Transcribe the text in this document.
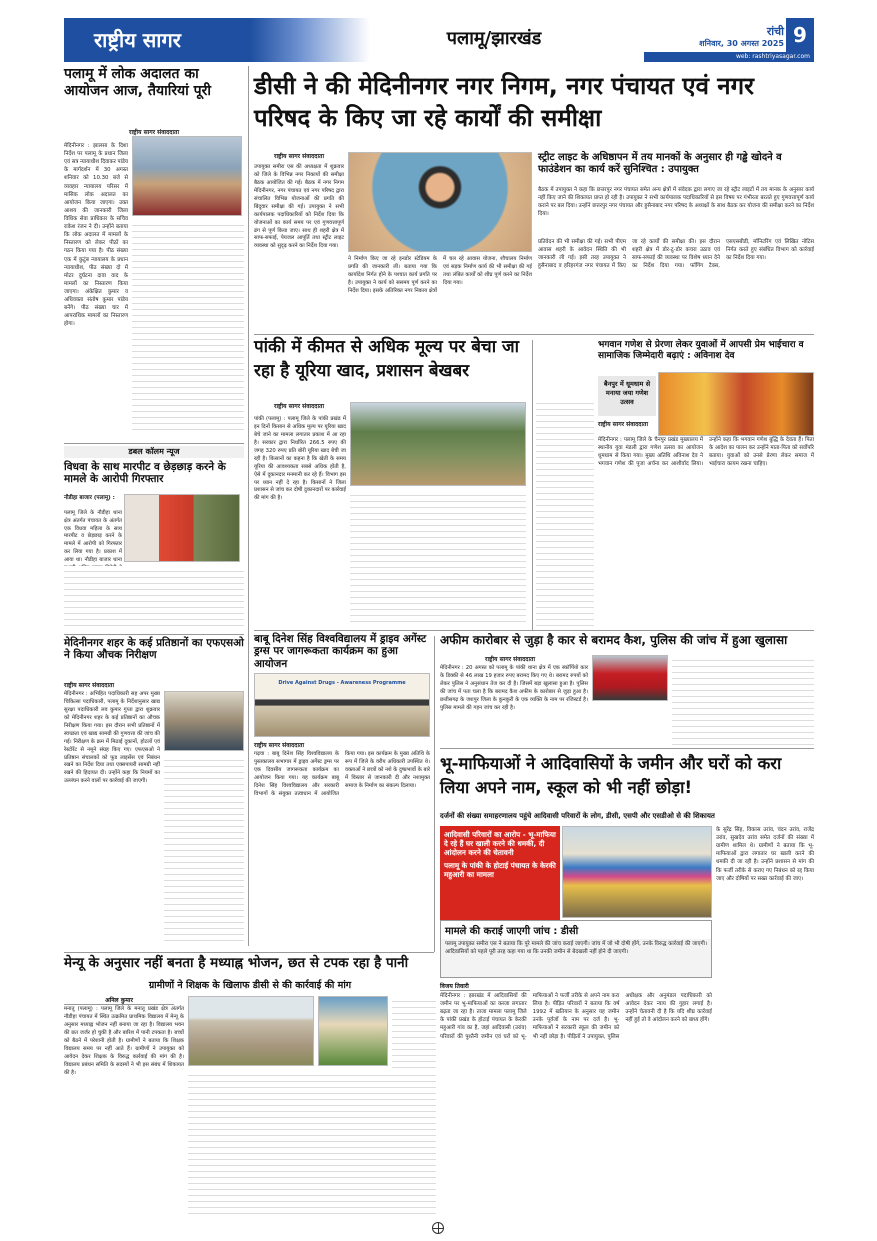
राष्ट्रीय सागर	पलामू/झारखंड	रांची
शनिवार, 30 अगस्त 2025
web: rashtriyasagar.com
9
पलामू में लोक अदालत का आयोजन आज, तैयारियां पूरी
राष्ट्रीय सागर संवाददाता
मेदिनीनगर : झालसा के दिशा निर्देश पर पलामू के प्रधान जिला एवं सत्र न्यायाधीश दिवाकर पांडेय के मार्गदर्शन में 30 अगस्त शनिवार को 10.30 बजे से व्यवहार न्यायालय परिसर में मासिक लोक अदालत का आयोजन किया जाएगा। उक्त आशय की जानकारी जिला विधिक सेवा प्राधिकार के सचिव राकेश रंजन ने दी। उन्होंने बताया कि लोक अदालत में मामलों के निस्तारण को लेकर पीठों का गठन किया गया है। पीठ संख्या एक में कुटुंब न्यायालय के प्रधान न्यायाधीश, पीठ संख्या दो में मोटर दुर्घटना दावा वाद के मामलों का निस्तारण किया जाएगा। अंकेक्षित कुमार व अधिवक्ता संतोष कुमार पांडेय बनेंगे। पीठ संख्या चार में आपराधिक मामलों का निस्तारण होगा।
डबल कॉलम न्यूज
विधवा के साथ मारपीट व छेड़छाड़ करने के मामले के आरोपी गिरफ्तार
नौडीहा बाजार (पलामू) :
पलामू जिले के नौडीहा थाना क्षेत्र अंतर्गत पंचायत के अंतर्गत एक विधवा महिला के साथ मारपीट व छेड़छाड़ करने के मामले में आरोपी को गिरफ्तार कर लिया गया है। प्रकाश में आया था। नौडीहा बाजार थाना
मेदिनीनगर शहर के कई प्रतिष्ठानों का एफएसओ ने किया औचक निरीक्षण
राष्ट्रीय सागर संवाददाता
मेदिनीनगर : अभिहित पदाधिकारी सह अपर मुख्य चिकित्सा पदाधिकारी, पलामू के निर्देशानुसार खाद्य सुरक्षा पदाधिकारी लव कुमार गुप्ता द्वारा शुक्रवार को मेदिनीनगर शहर के कई प्रतिष्ठानों का औचक निरीक्षण किया गया। इस दौरान सभी प्रतिष्ठानों में स्वच्छता एवं खाद्य सामग्री की गुणवत्ता की जांच की गई। निरीक्षण के क्रम में मिठाई दुकानों, होटलों एवं रेस्टोरेंट से नमूने संग्रह किए गए। एफएसओ ने प्रतिष्ठान संचालकों को फूड लाइसेंस एवं निबंधन रखने का निर्देश दिया तथा एक्सपायरी सामग्री नहीं रखने की हिदायत दी। उन्होंने कहा कि नियमों का उल्लंघन करने वालों पर कार्रवाई की जाएगी।
डीसी ने की मेदिनीनगर नगर निगम, नगर पंचायत एवं नगर परिषद के किए जा रहे कार्यों की समीक्षा
राष्ट्रीय सागर संवाददाता
उपायुक्त समीरा एस की अध्यक्षता में शुक्रवार को जिले के विभिन्न नगर निकायों की समीक्षा बैठक आयोजित की गई। बैठक में नगर निगम मेदिनीनगर, नगर पंचायत एवं नगर परिषद द्वारा संचालित विभिन्न योजनाओं की प्रगति की बिंदुवार समीक्षा की गई। उपायुक्त ने सभी कार्यपालक पदाधिकारियों को निर्देश दिया कि योजनाओं का कार्य समय पर एवं गुणवत्तापूर्ण ढंग से पूर्ण किया जाए। साथ ही शहरी क्षेत्र में साफ-सफाई, पेयजल आपूर्ति तथा स्ट्रीट लाइट व्यवस्था को सुदृढ़ करने का निर्देश दिया गया।
ने निर्माण किए जा रहे इनडोर स्टेडियम के प्रगति की जानकारी ली। बताया गया कि कार्यादेश निर्गत होने के पश्चात कार्य प्रगति पर है। उपायुक्त ने कार्य को ससमय पूर्ण करने का निर्देश दिया। इसके अतिरिक्त नगर निकाय क्षेत्रों में चल रहे आवास योजना, शौचालय निर्माण एवं सड़क निर्माण कार्य की भी समीक्षा की गई तथा लंबित कार्यों को शीघ्र पूर्ण करने का निर्देश दिया गया।
स्ट्रीट लाइट के अधिष्ठापन में तय मानकों के अनुसार ही गड्ढे खोदने व फाउंडेशन का कार्य करें सुनिश्चित : उपायुक्त
बैठक में उपायुक्त ने कहा कि छत्तरपुर नगर पंचायत समेत अन्य क्षेत्रों में संवेदक द्वारा लगाए जा रहे स्ट्रीट लाइटों में तय मानक के अनुसार कार्य नहीं किए जाने की शिकायत प्राप्त हो रही है। उपायुक्त ने सभी कार्यपालक पदाधिकारियों से इस विषय पर गंभीरता बरतते हुए गुणवत्तापूर्ण कार्य कराने पर बल दिया। उन्होंने छत्तरपुर नगर पंचायत और हुसैनाबाद नगर परिषद के अध्यक्षों के साथ बैठक कर योजना की समीक्षा करने का निर्देश दिया।
प्रतिवेदन की भी समीक्षा की गई। सभी पीएम आवास शहरी के आवेदन स्थिति की भी जानकारी ली गई। इसी तरह उपायुक्त ने हुसैनाबाद व हरिहरगंज नगर पंचायत में किए जा रहे कार्यों की समीक्षा की। इस दौरान शहरी क्षेत्र में डोर-टू-डोर कचरा उठाव एवं साफ-सफाई की व्यवस्था पर विशेष ध्यान देने का निर्देश दिया गया। फॉगिंग टैक्स, एसएसबीडी, मॉनिटरिंग एवं लिखित नोटिस निर्गत करते हुए संबंधित विभाग को कार्रवाई का निर्देश दिया गया।
पांकी में कीमत से अधिक मूल्य पर बेचा जा रहा है यूरिया खाद, प्रशासन बेखबर
राष्ट्रीय सागर संवाददाता
पांकी (पलामू) : पलामू जिले के पांकी प्रखंड में इन दिनों किसान से अधिक मूल्य पर यूरिया खाद बेचे जाने का मामला लगातार प्रकाश में आ रहा है। सरकार द्वारा निर्धारित 266.5 रुपए की जगह 320 रुपए प्रति बोरी यूरिया खाद बेची जा रही है। किसानों का कहना है कि खेती के समय यूरिया की आवश्यकता सबसे अधिक होती है, ऐसे में दुकानदार मनमानी कर रहे हैं। विभाग इस पर ध्यान नहीं दे रहा है। किसानों ने जिला प्रशासन से जांच कर दोषी दुकानदारों पर कार्रवाई की मांग की है।
भगवान गणेश से प्रेरणा लेकर युवाओं में आपसी प्रेम भाईचारा व सामाजिक जिम्मेदारी बढ़ाएं : अविनाश देव
बैनपुर में धूमधाम से मनाया जया गणेश उत्सव
राष्ट्रीय सागर संवाददाता
मेदिनीनगर : पलामू जिले के चैनपुर प्रखंड मुख्यालय में स्थानीय युवा मंडली द्वारा गणेश उत्सव का आयोजन धूमधाम से किया गया। मुख्य अतिथि अविनाश देव ने भगवान गणेश की पूजा अर्चना कर आशीर्वाद लिया। उन्होंने कहा कि भगवान गणेश बुद्धि के देवता हैं। पिता के आदेश का पालन कर उन्होंने माता-पिता को सर्वोपरि बताया। युवाओं को उनसे प्रेरणा लेकर समाज में भाईचारा कायम रखना चाहिए।
बाबू दिनेश सिंह विश्वविद्यालय में ड्राइव अगेंस्ट ड्रग्स पर जागरूकता कार्यक्रम का हुआ आयोजन
Drive Against Drugs - Awareness Programme
राष्ट्रीय सागर संवाददाता
गढ़वा : बाबू दिनेश सिंह विश्वविद्यालय के पुस्तकालय सभागार में ड्राइव अगेंस्ट ड्रग्स पर एक दिवसीय जागरूकता कार्यक्रम का आयोजन किया गया। यह कार्यक्रम बाबू दिनेश सिंह विश्वविद्यालय और सरकारी विभागों के संयुक्त तत्वाधान में आयोजित किया गया। इस कार्यक्रम के मुख्य अतिथि के रूप में जिले के वरीय अधिकारी उपस्थित थे। वक्ताओं ने छात्रों को नशे के दुष्प्रभावों के बारे में विस्तार से जानकारी दी और नशामुक्त समाज के निर्माण का संकल्प दिलाया।
अफीम कारोबार से जुड़ा है कार से बरामद कैश, पुलिस की जांच में हुआ खुलासा
राष्ट्रीय सागर संवाददाता
मेदिनीनगर : 20 अगस्त को पलामू के पांकी थाना क्षेत्र में एक स्कॉर्पियो कार के डिक्की से 46 लाख 19 हजार रुपए बरामद किए गए थे। बरामद रुपयों को लेकर पुलिस ने अनुसंधान तेज कर दी है। जिसमें बड़ा खुलासा हुआ है। पुलिस की जांच में पता चला है कि बरामद कैश अफीम के कारोबार से जुड़ा हुआ है। छत्तीसगढ़ के जशपुर जिला के कुनकुरी के एक व्यक्ति के नाम पर रजिस्टर्ड है। पुलिस मामले की गहन जांच कर रही है।
भू-माफियाओं ने आदिवासियों के जमीन और घरों को करा लिया अपने नाम, स्कूल को भी नहीं छोड़ा!
दर्जनों की संख्या समाहरणालय पहुंचे आदिवासी परिवारों के लोग, डीसी, एसपी और एसडीओ से की शिकायत
आदिवासी परिवारों का आरोप - भू-माफिया दे रहे हैं घर खाली करने की धमकी, दी आंदोलन करने की चेतावनी
पलामू के पांकी के होटाई पंचायत के केरकी महुआरी का मामला
मामले की कराई जाएगी जांच : डीसी
पलामू उपायुक्त समीरा एस ने बताया कि पूरे मामले की जांच कराई जाएगी। जांच में जो भी दोषी होंगे, उनके विरुद्ध कार्रवाई की जाएगी। आदिवासियों को पहले पूरी तरह कहा गया था कि उनकी जमीन से बेदखली नहीं होने दी जाएगी।
विजय तिवारी
मेदिनीनगर : झारखंड में आदिवासियों की जमीन पर भू-माफियाओं का कब्जा लगातार बढ़ता जा रहा है। ताजा मामला पलामू जिले के पांकी प्रखंड के होटाई पंचायत के केरकी महुआरी गांव का है, जहां आदिवासी (उरांव) परिवारों की पुश्तैनी जमीन एवं घरों को भू-माफियाओं ने फर्जी तरीके से अपने नाम करा लिया है। पीड़ित परिवारों ने बताया कि वर्ष 1992 में खतियान के अनुसार यह जमीन उनके पूर्वजों के नाम पर दर्ज है। भू-माफियाओं ने सरकारी स्कूल की जमीन को भी नहीं छोड़ा है। पीड़ितों ने उपायुक्त, पुलिस अधीक्षक और अनुमंडल पदाधिकारी को आवेदन देकर न्याय की गुहार लगाई है। उन्होंने चेतावनी दी है कि यदि शीघ्र कार्रवाई नहीं हुई तो वे आंदोलन करने को बाध्य होंगे।
के सुरेंद्र सिंह, विकास उरांव, चंदन उरांव, राजेंद्र उरांव, सुखदेव उरांव समेत दर्जनों की संख्या में ग्रामीण शामिल थे। ग्रामीणों ने बताया कि भू-माफियाओं द्वारा लगातार घर खाली करने की धमकी दी जा रही है। उन्होंने प्रशासन से मांग की कि फर्जी तरीके से कराए गए निबंधन को रद्द किया जाए और दोषियों पर सख्त कार्रवाई की जाए।
मेन्यू के अनुसार नहीं बनता है मध्याह्न भोजन, छत से टपक रहा है पानी
ग्रामीणों ने शिक्षक के खिलाफ डीसी से की कार्रवाई की मांग
अनिल कुमार
मनातू (पलामू) : पलामू जिले के मनातू प्रखंड क्षेत्र अंतर्गत नौडीहा पंचायत में स्थित उत्क्रमित प्राथमिक विद्यालय में मेन्यू के अनुसार मध्याह्न भोजन नहीं बनाया जा रहा है। विद्यालय भवन की छत जर्जर हो चुकी है और बारिश में पानी टपकता है। बच्चों को बैठने में परेशानी होती है। ग्रामीणों ने बताया कि शिक्षक विद्यालय समय पर नहीं आते हैं। ग्रामीणों ने उपायुक्त को आवेदन देकर शिक्षक के विरुद्ध कार्रवाई की मांग की है। विद्यालय प्रबंधन समिति के सदस्यों ने भी इस संबंध में शिकायत की है।
